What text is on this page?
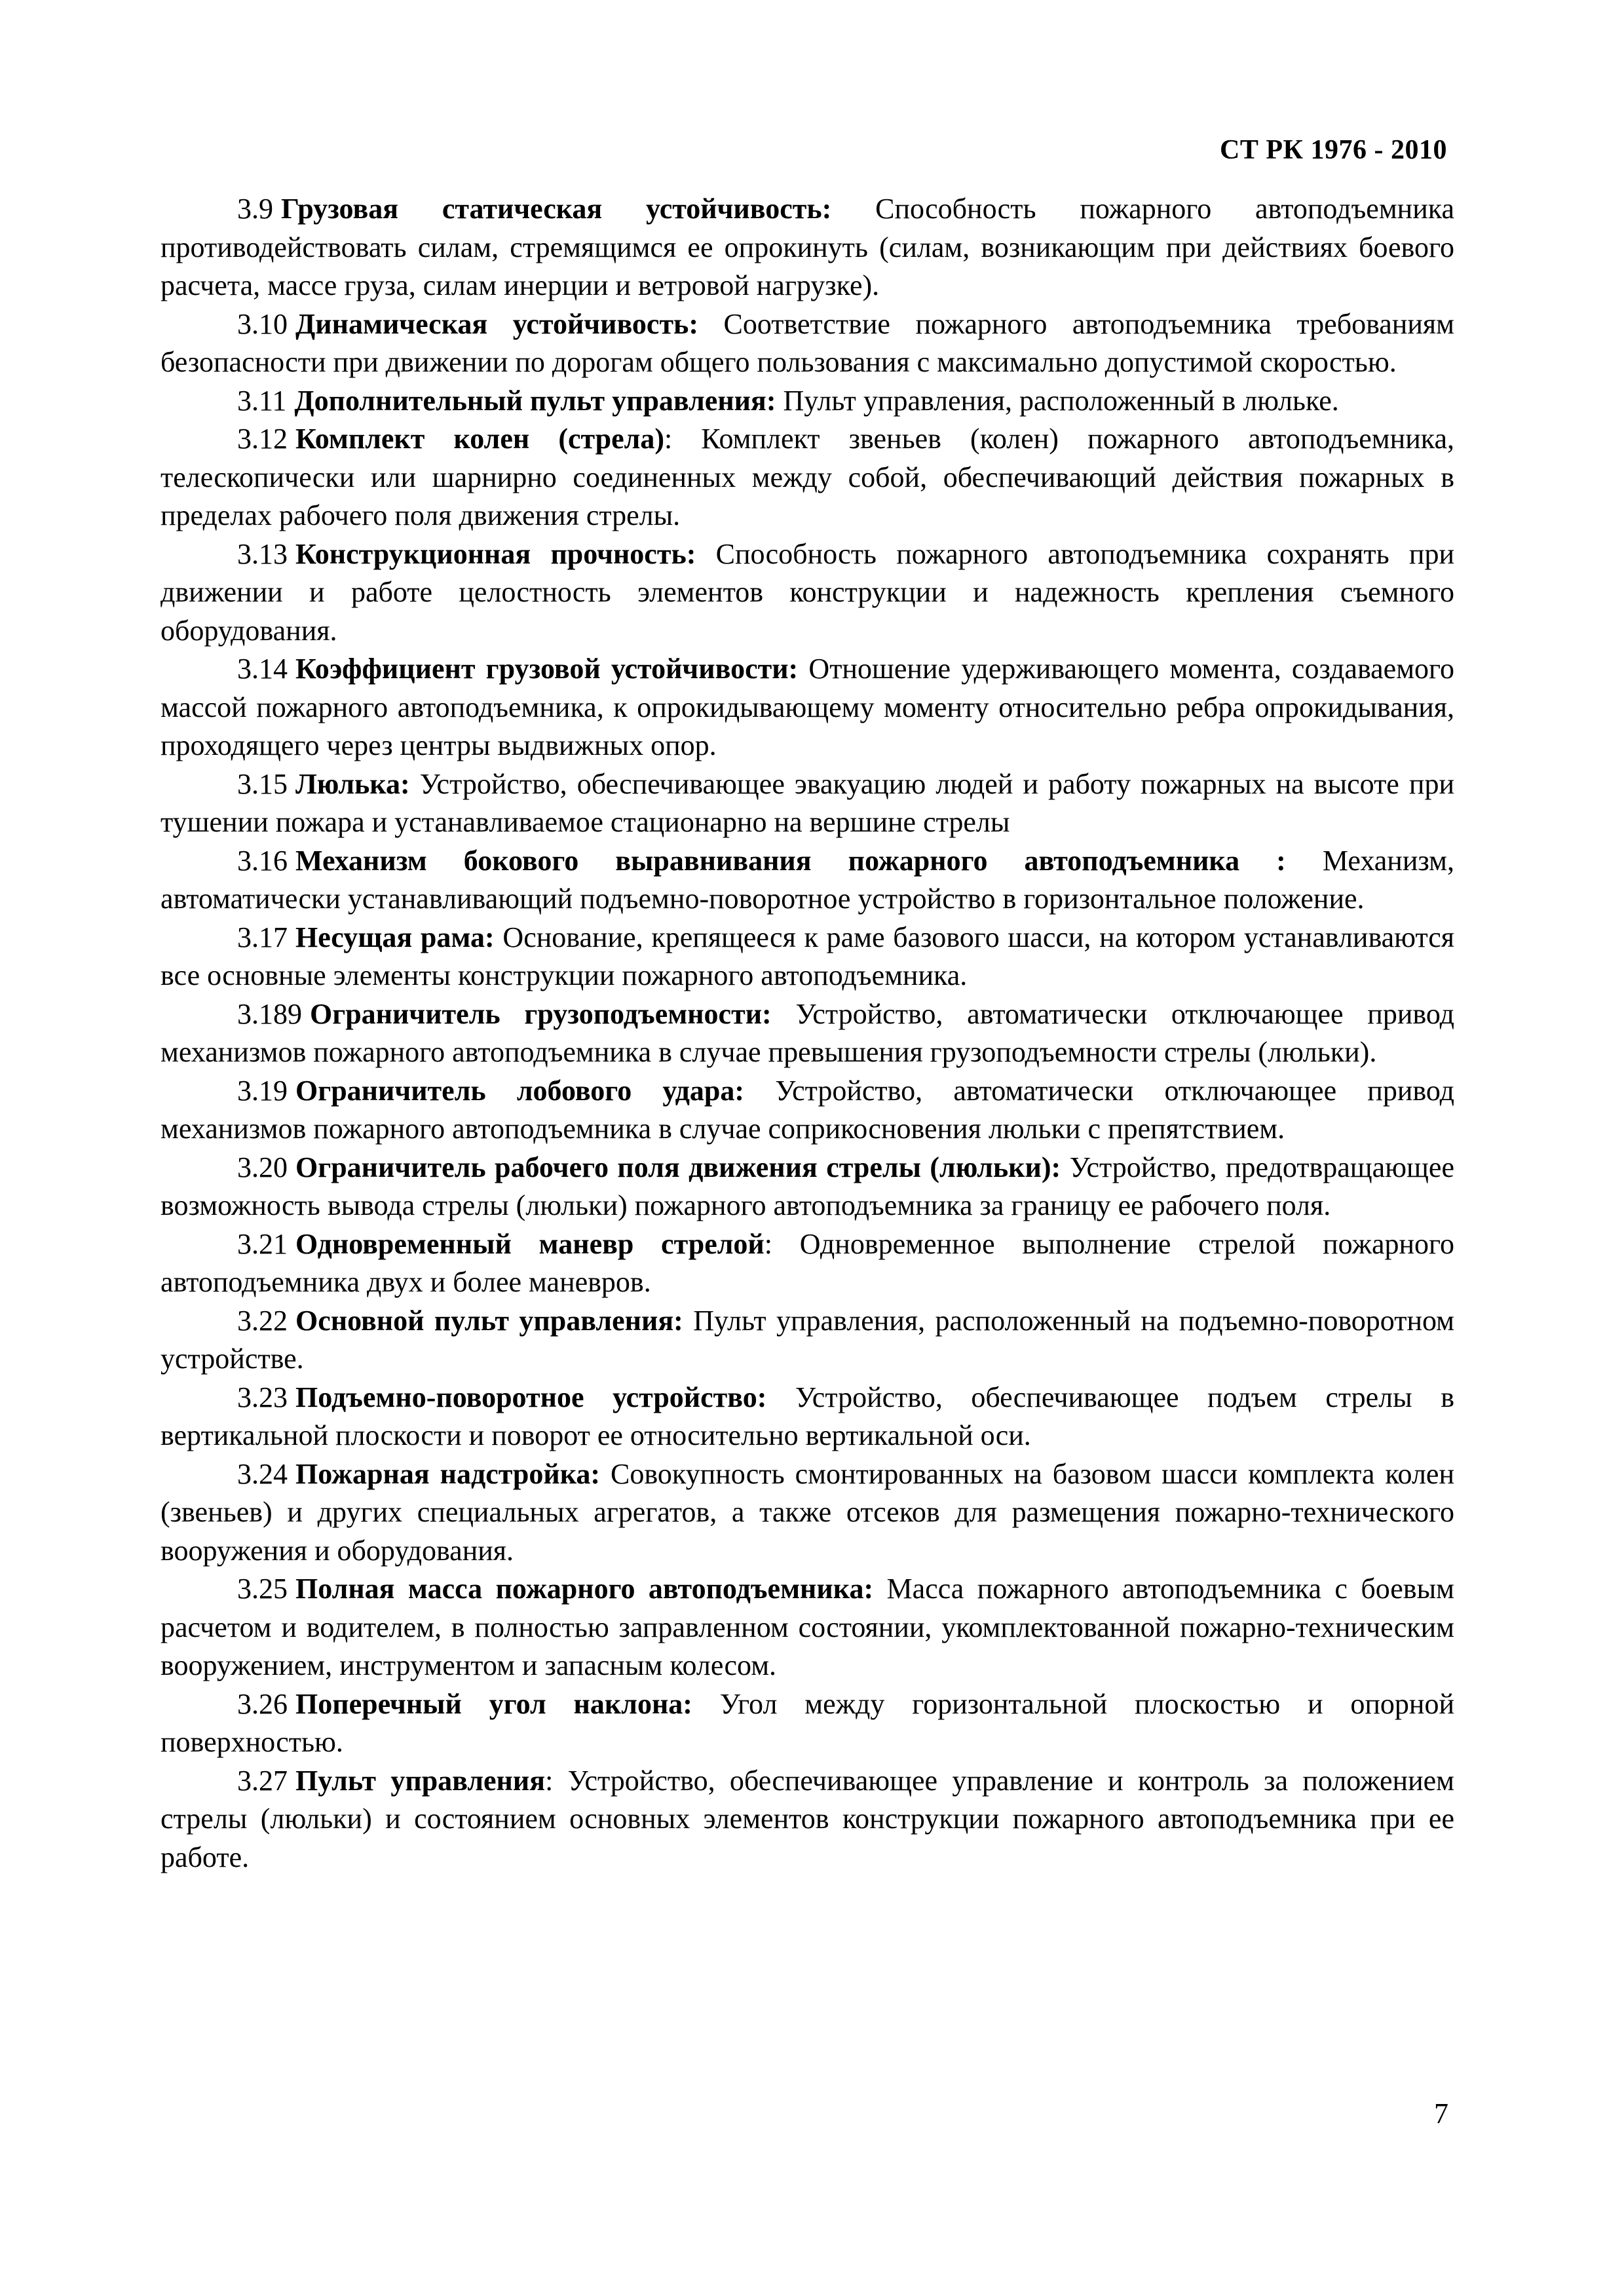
СТ РК 1976 - 2010

3.9 Грузовая статическая устойчивость: Способность пожарного автоподъемника противодействовать силам, стремящимся ее опрокинуть (силам, возникающим при действиях боевого расчета, массе груза, силам инерции и ветровой нагрузке).

3.10 Динамическая устойчивость: Соответствие пожарного автоподъемника требованиям безопасности при движении по дорогам общего пользования с максимально допустимой скоростью.

3.11 Дополнительный пульт управления: Пульт управления, расположенный в люльке.

3.12 Комплект колен (стрела): Комплект звеньев (колен) пожарного автоподъемника, телескопически или шарнирно соединенных между собой, обеспечивающий действия пожарных в пределах рабочего поля движения стрелы.

3.13 Конструкционная прочность: Способность пожарного автоподъемника сохранять при движении и работе целостность элементов конструкции и надежность крепления съемного оборудования.

3.14 Коэффициент грузовой устойчивости: Отношение удерживающего момента, создаваемого массой пожарного автоподъемника, к опрокидывающему моменту относительно ребра опрокидывания, проходящего через центры выдвижных опор.

3.15 Люлька: Устройство, обеспечивающее эвакуацию людей и работу пожарных на высоте при тушении пожара и устанавливаемое стационарно на вершине стрелы

3.16 Механизм бокового выравнивания пожарного автоподъемника : Механизм, автоматически устанавливающий подъемно-поворотное устройство в горизонтальное положение.

3.17 Несущая рама: Основание, крепящееся к раме базового шасси, на котором устанавливаются все основные элементы конструкции пожарного автоподъемника.

3.189 Ограничитель грузоподъемности: Устройство, автоматически отключающее привод механизмов пожарного автоподъемника в случае превышения грузоподъемности стрелы (люльки).

3.19 Ограничитель лобового удара: Устройство, автоматически отключающее привод механизмов пожарного автоподъемника в случае соприкосновения люльки с препятствием.

3.20 Ограничитель рабочего поля движения стрелы (люльки): Устройство, предотвращающее возможность вывода стрелы (люльки) пожарного автоподъемника за границу ее рабочего поля.

3.21 Одновременный маневр стрелой: Одновременное выполнение стрелой пожарного автоподъемника двух и более маневров.

3.22 Основной пульт управления: Пульт управления, расположенный на подъемно-поворотном устройстве.

3.23 Подъемно-поворотное устройство: Устройство, обеспечивающее подъем стрелы в вертикальной плоскости и поворот ее относительно вертикальной оси.

3.24 Пожарная надстройка: Совокупность смонтированных на базовом шасси комплекта колен (звеньев) и других специальных агрегатов, а также отсеков для размещения пожарно-технического вооружения и оборудования.

3.25 Полная масса пожарного автоподъемника: Масса пожарного автоподъемника с боевым расчетом и водителем, в полностью заправленном состоянии, укомплектованной пожарно-техническим вооружением, инструментом и запасным колесом.

3.26 Поперечный угол наклона: Угол между горизонтальной плоскостью и опорной поверхностью.

3.27 Пульт управления: Устройство, обеспечивающее управление и контроль за положением стрелы (люльки) и состоянием основных элементов конструкции пожарного автоподъемника при ее работе.

7
